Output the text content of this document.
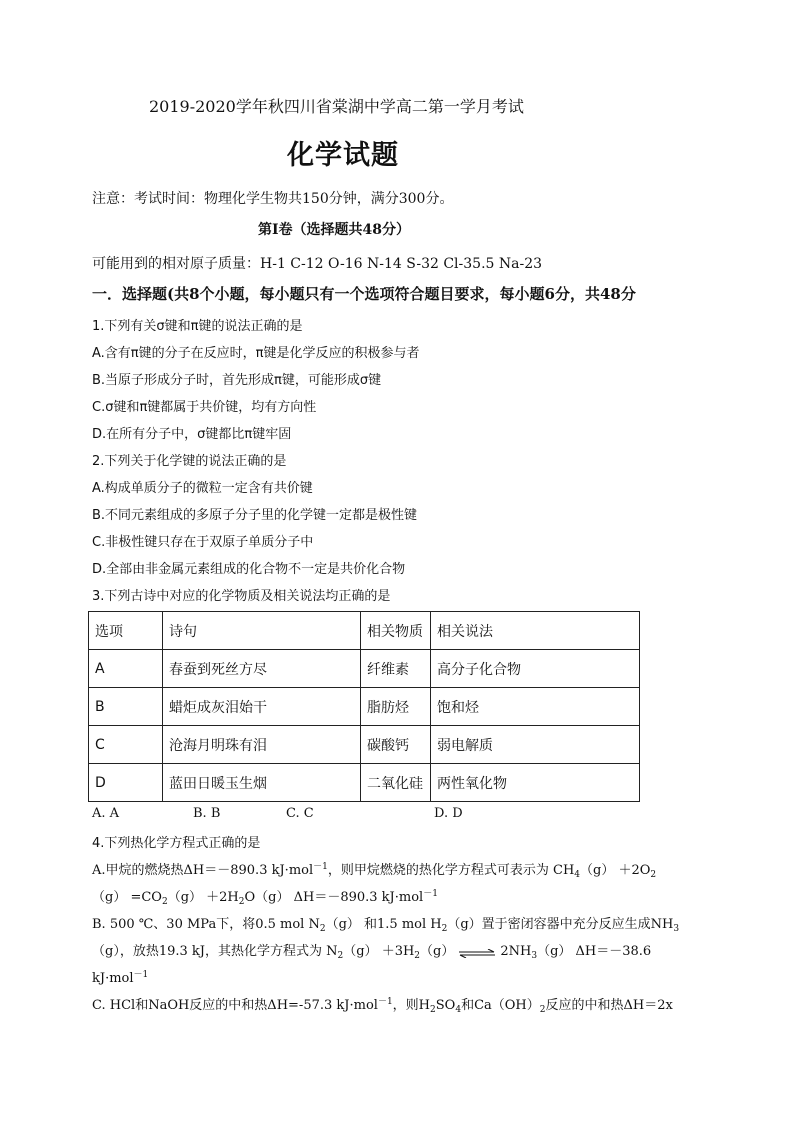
2019-2020学年秋四川省棠湖中学高二第一学月考试
化学试题
注意：考试时间：物理化学生物共150分钟，满分300分。
第I卷（选择题共48分）
可能用到的相对原子质量：H-1 C-12 O-16 N-14 S-32 Cl-35.5 Na-23
一．选择题(共8个小题，每小题只有一个选项符合题目要求，每小题6分，共48分
1.下列有关σ键和π键的说法正确的是
A.含有π键的分子在反应时，π键是化学反应的积极参与者
B.当原子形成分子时，首先形成π键，可能形成σ键
C.σ键和π键都属于共价键，均有方向性
D.在所有分子中，σ键都比π键牢固
2.下列关于化学键的说法正确的是
A.构成单质分子的微粒一定含有共价键
B.不同元素组成的多原子分子里的化学键一定都是极性键
C.非极性键只存在于双原子单质分子中
D.全部由非金属元素组成的化合物不一定是共价化合物
3.下列古诗中对应的化学物质及相关说法均正确的是
选项	诗句	相关物质	相关说法
A	春蚕到死丝方尽	纤维素	高分子化合物
B	蜡炬成灰泪始干	脂肪烃	饱和烃
C	沧海月明珠有泪	碳酸钙	弱电解质
D	蓝田日暖玉生烟	二氧化硅	两性氧化物
A. A	B. B	C. C	D. D
4.下列热化学方程式正确的是
A.甲烷的燃烧热ΔH＝－890.3 kJ·mol$^{-1}$，则甲烷燃烧的热化学方程式可表示为 $CH_4(g) +2O_2$
$(g) =CO_2(g) +2H_2O(g)$ ΔH＝－890.3 kJ·mol$^{-1}$
B. 500 ℃、30 MPa下，将0.5 mol $N_2(g)$ 和1.5 mol $H_2(g)$置于密闭容器中充分反应生成$NH_3$
（g），放热19.3 kJ，其热化学方程式为 $N_2(g) +3H_2(g)$ ⇌ $2NH_3(g)$ ΔH＝－38.6
kJ·mol$^{-1}$
C. HCl和NaOH反应的中和热ΔH=-57.3 kJ·mol$^{-1}$，则$H_2SO_4$和$Ca(OH)_2$反应的中和热ΔH＝2x
